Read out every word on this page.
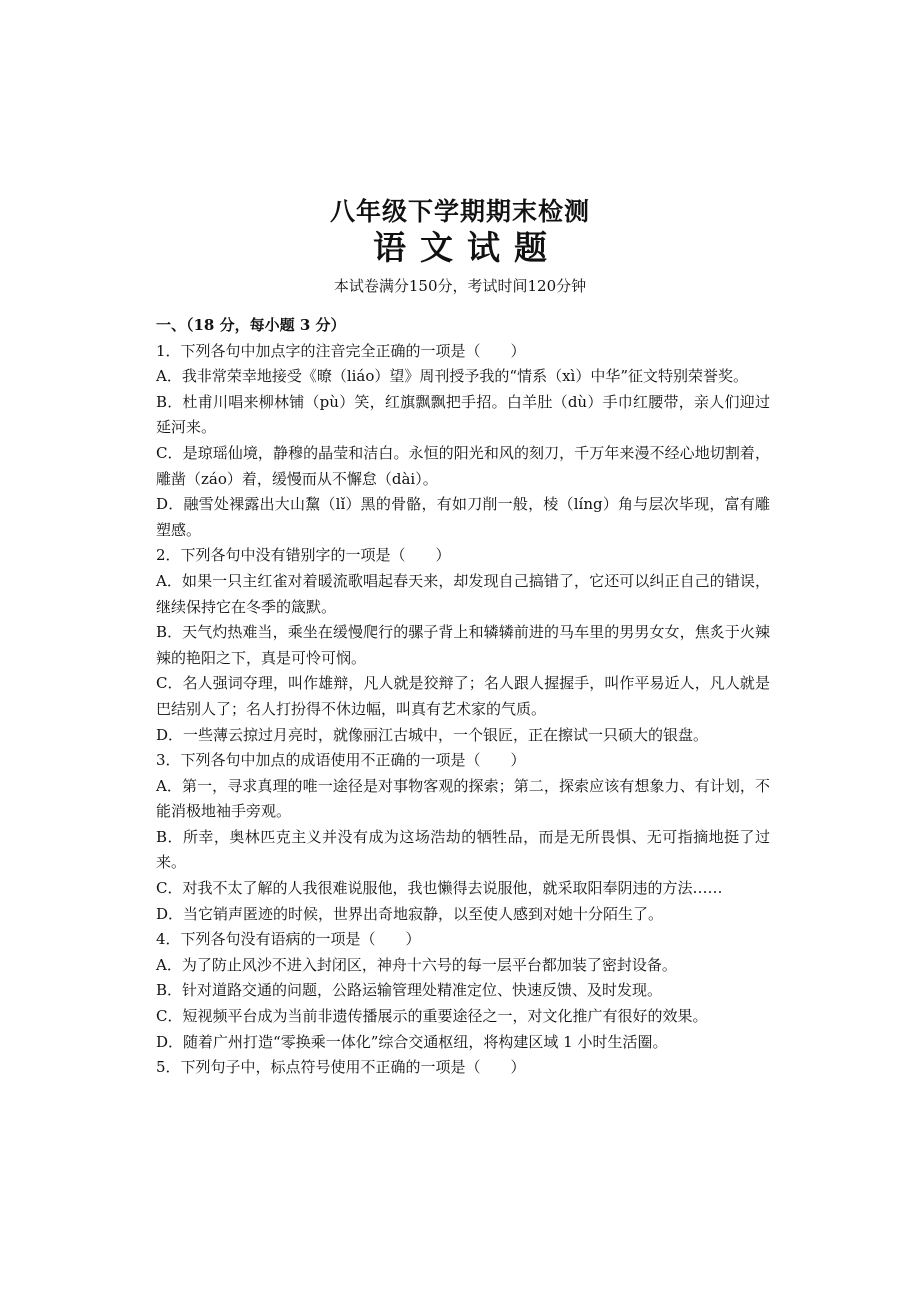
八年级下学期期末检测
语文试题
本试卷满分150分，考试时间120分钟

一、（18 分，每小题 3 分）

1．下列各句中加点字的注音完全正确的一项是（　　）

A．我非常荣幸地接受《暸（liáo）望》周刊授予我的“情系（xì）中华”征文特别荣誉奖。

B．杜甫川唱来柳林铺（pù）笑，红旗飘飘把手招。白羊肚（dù）手巾红腰带，亲人们迎过延河来。

C．是琼瑶仙境，静穆的晶莹和洁白。永恒的阳光和风的刻刀，千万年来漫不经心地切割着，雕凿（záo）着，缓慢而从不懈怠（dài）。

D．融雪处裸露出大山黧（lǐ）黑的骨骼，有如刀削一般，棱（líng）角与层次毕现，富有雕塑感。

2．下列各句中没有错别字的一项是（　　）

A．如果一只主红雀对着暖流歌唱起春天来，却发现自己搞错了，它还可以纠正自己的错误，继续保持它在冬季的箴默。

B．天气灼热难当，乘坐在缓慢爬行的骡子背上和辚辚前进的马车里的男男女女，焦炙于火辣辣的艳阳之下，真是可怜可悯。

C．名人强词夺理，叫作雄辩，凡人就是狡辩了；名人跟人握握手，叫作平易近人，凡人就是巴结别人了；名人打扮得不休边幅，叫真有艺术家的气质。

D．一些薄云掠过月亮时，就像丽江古城中，一个银匠，正在擦试一只硕大的银盘。

3．下列各句中加点的成语使用不正确的一项是（　　）

A．第一，寻求真理的唯一途径是对事物客观的探索；第二，探索应该有想象力、有计划，不能消极地袖手旁观。

B．所幸，奥林匹克主义并没有成为这场浩劫的牺牲品，而是无所畏惧、无可指摘地挺了过来。

C．对我不太了解的人我很难说服他，我也懒得去说服他，就采取阳奉阴违的方法……

D．当它销声匿迹的时候，世界出奇地寂静，以至使人感到对她十分陌生了。

4．下列各句没有语病的一项是（　　）

A．为了防止风沙不进入封闭区，神舟十六号的每一层平台都加装了密封设备。

B．针对道路交通的问题，公路运输管理处精准定位、快速反馈、及时发现。

C．短视频平台成为当前非遗传播展示的重要途径之一，对文化推广有很好的效果。

D．随着广州打造“零换乘一体化”综合交通枢纽，将构建区域 1 小时生活圈。

5．下列句子中，标点符号使用不正确的一项是（　　）
